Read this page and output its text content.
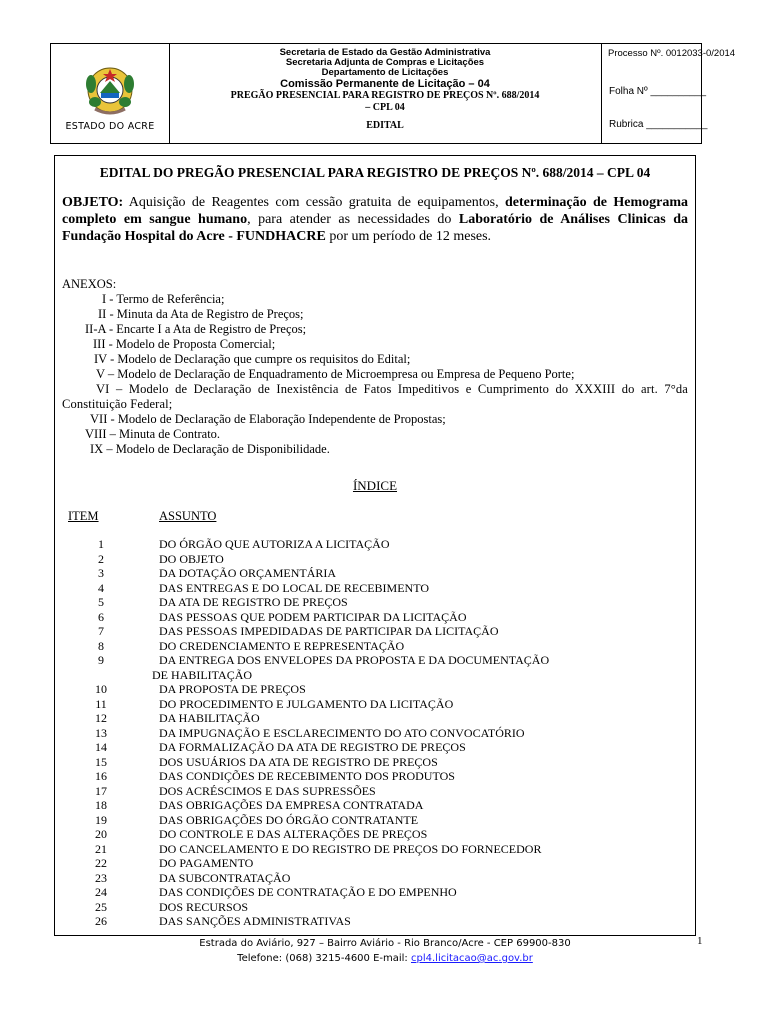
ESTADO DO ACRE
Secretaria de Estado da Gestão Administrativa
Secretaria Adjunta de Compras e Licitações
Departamento de Licitações
Comissão Permanente de Licitação – 04
PREGÃO PRESENCIAL PARA REGISTRO DE PREÇOS Nº. 688/2014
– CPL 04
EDITAL
Processo Nº. 0012033-0/2014
Folha Nº __________
Rubrica ___________
EDITAL DO PREGÃO PRESENCIAL PARA REGISTRO DE PREÇOS Nº. 688/2014 – CPL 04
OBJETO: Aquisição de Reagentes com cessão gratuita de equipamentos, determinação de Hemograma completo em sangue humano, para atender as necessidades do Laboratório de Análises Clinicas da Fundação Hospital do Acre - FUNDHACRE por um período de 12 meses.
ANEXOS:
I - Termo de Referência;
II - Minuta da Ata de Registro de Preços;
II-A - Encarte I a Ata de Registro de Preços;
III - Modelo de Proposta Comercial;
IV - Modelo de Declaração que cumpre os requisitos do Edital;
V – Modelo de Declaração de Enquadramento de Microempresa ou Empresa de Pequeno Porte;
VI – Modelo de Declaração de Inexistência de Fatos Impeditivos e Cumprimento do XXXIII do art. 7°da Constituição Federal;
VII - Modelo de Declaração de Elaboração Independente de Propostas;
VIII – Minuta de Contrato.
IX – Modelo de Declaração de Disponibilidade.
ÍNDICE
ITEM	ASSUNTO
1	DO ÓRGÃO QUE AUTORIZA A LICITAÇÃO
2	DO OBJETO
3	DA DOTAÇÃO ORÇAMENTÁRIA
4	DAS ENTREGAS E DO LOCAL DE RECEBIMENTO
5	DA ATA DE REGISTRO DE PREÇOS
6	DAS PESSOAS QUE PODEM PARTICIPAR DA LICITAÇÃO
7	DAS PESSOAS IMPEDIDADAS DE PARTICIPAR DA LICITAÇÃO
8	DO CREDENCIAMENTO E REPRESENTAÇÃO
9	DA ENTREGA DOS ENVELOPES DA PROPOSTA E DA DOCUMENTAÇÃO
DE HABILITAÇÃO
10	DA PROPOSTA DE PREÇOS
11	DO PROCEDIMENTO E JULGAMENTO DA LICITAÇÃO
12	DA HABILITAÇÃO
13	DA IMPUGNAÇÃO E ESCLARECIMENTO DO ATO CONVOCATÓRIO
14	DA FORMALIZAÇÃO DA ATA DE REGISTRO DE PREÇOS
15	DOS USUÁRIOS DA ATA DE REGISTRO DE PREÇOS
16	DAS CONDIÇÕES DE RECEBIMENTO DOS PRODUTOS
17	DOS ACRÉSCIMOS E DAS SUPRESSÕES
18	DAS OBRIGAÇÕES DA EMPRESA CONTRATADA
19	DAS OBRIGAÇÕES DO ÓRGÃO CONTRATANTE
20	DO CONTROLE E DAS ALTERAÇÕES DE PREÇOS
21	DO CANCELAMENTO E DO REGISTRO DE PREÇOS DO FORNECEDOR
22	DO PAGAMENTO
23	DA SUBCONTRATAÇÃO
24	DAS CONDIÇÕES DE CONTRATAÇÃO E DO EMPENHO
25	DOS RECURSOS
26	DAS SANÇÕES ADMINISTRATIVAS
Estrada do Aviário, 927 – Bairro Aviário - Rio Branco/Acre - CEP 69900-830
Telefone: (068) 3215-4600 E-mail: cpl4.licitacao@ac.gov.br
1
